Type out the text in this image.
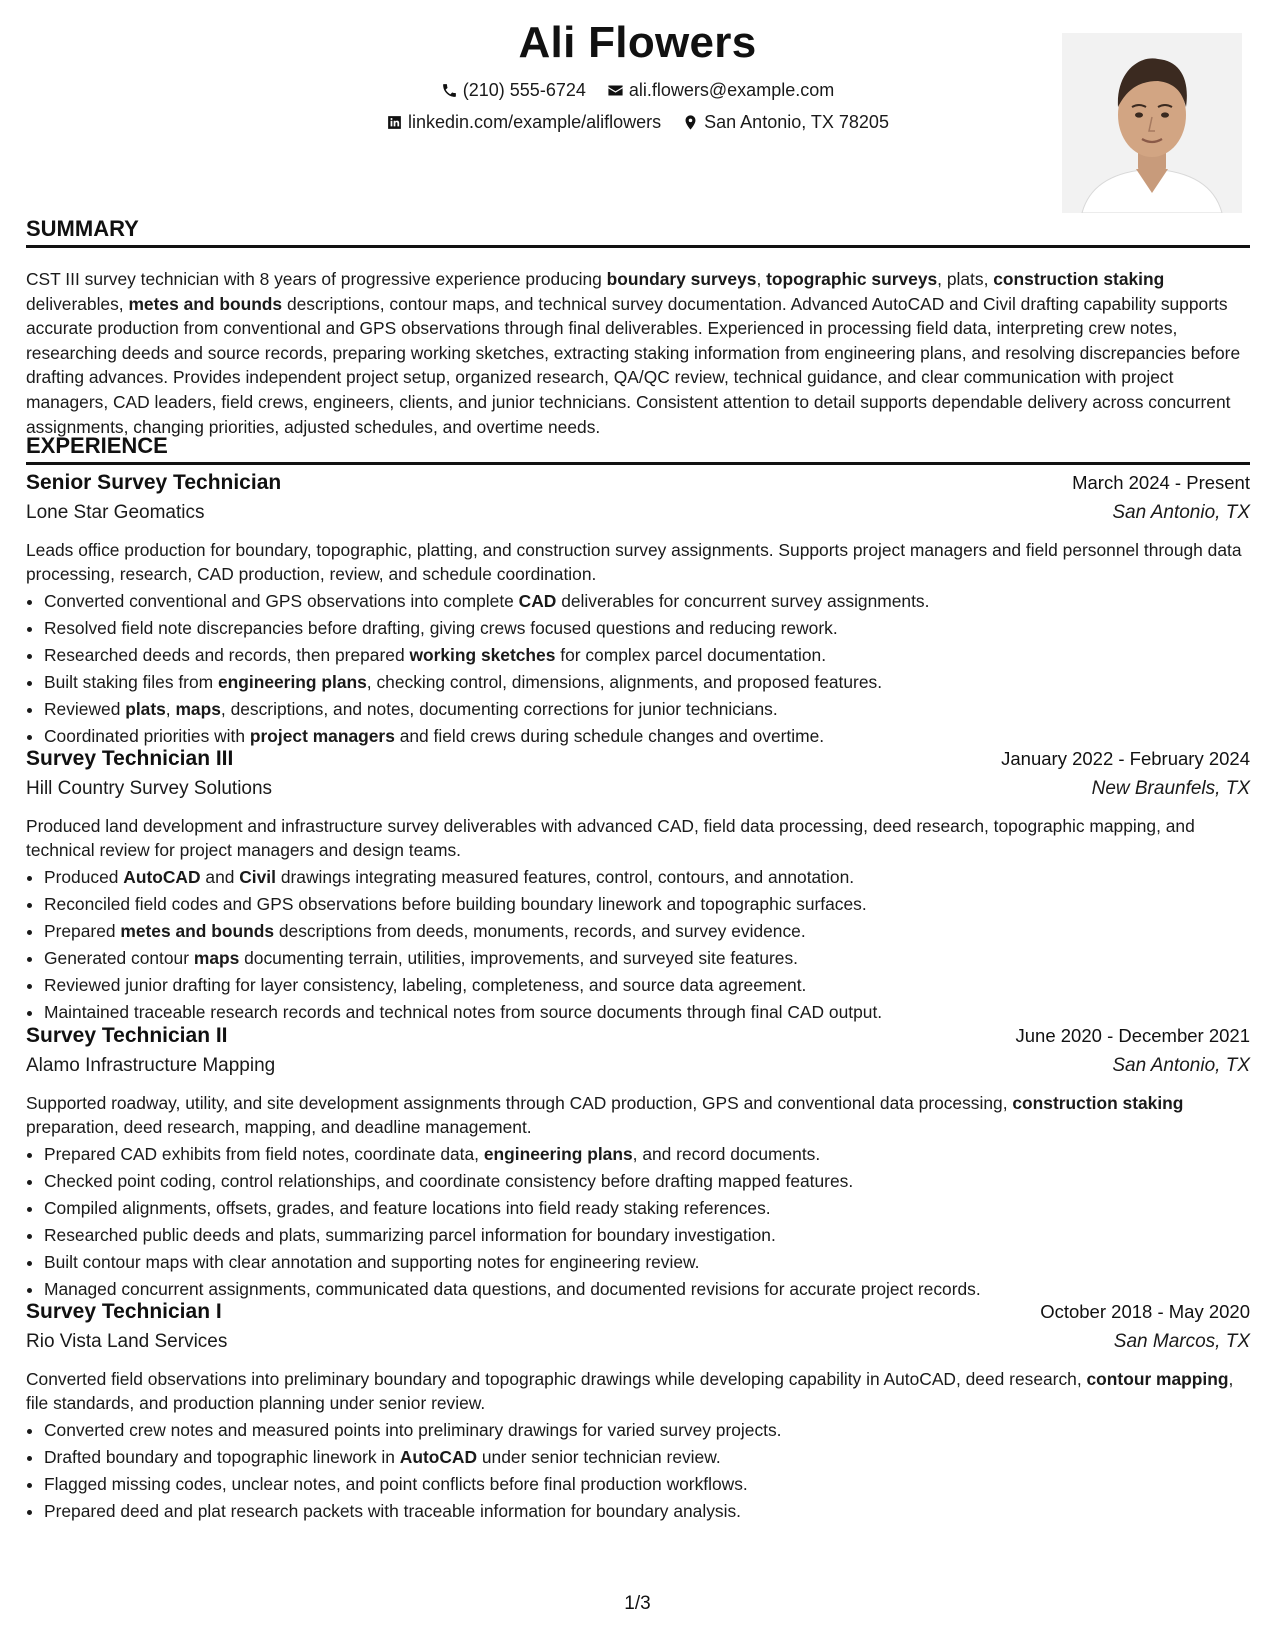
Ali Flowers
(210) 555-6724
ali.flowers@example.com
linkedin.com/example/aliflowers
San Antonio, TX 78205
SUMMARY
CST III survey technician with 8 years of progressive experience producing boundary surveys, topographic surveys, plats, construction staking deliverables, metes and bounds descriptions, contour maps, and technical survey documentation. Advanced AutoCAD and Civil drafting capability supports accurate production from conventional and GPS observations through final deliverables. Experienced in processing field data, interpreting crew notes, researching deeds and source records, preparing working sketches, extracting staking information from engineering plans, and resolving discrepancies before drafting advances. Provides independent project setup, organized research, QA/QC review, technical guidance, and clear communication with project managers, CAD leaders, field crews, engineers, clients, and junior technicians. Consistent attention to detail supports dependable delivery across concurrent assignments, changing priorities, adjusted schedules, and overtime needs.
EXPERIENCE
Senior Survey Technician	March 2024 - Present
Lone Star Geomatics	San Antonio, TX
Leads office production for boundary, topographic, platting, and construction survey assignments. Supports project managers and field personnel through data processing, research, CAD production, review, and schedule coordination.
• Converted conventional and GPS observations into complete CAD deliverables for concurrent survey assignments.
• Resolved field note discrepancies before drafting, giving crews focused questions and reducing rework.
• Researched deeds and records, then prepared working sketches for complex parcel documentation.
• Built staking files from engineering plans, checking control, dimensions, alignments, and proposed features.
• Reviewed plats, maps, descriptions, and notes, documenting corrections for junior technicians.
• Coordinated priorities with project managers and field crews during schedule changes and overtime.
Survey Technician III	January 2022 - February 2024
Hill Country Survey Solutions	New Braunfels, TX
Produced land development and infrastructure survey deliverables with advanced CAD, field data processing, deed research, topographic mapping, and technical review for project managers and design teams.
• Produced AutoCAD and Civil drawings integrating measured features, control, contours, and annotation.
• Reconciled field codes and GPS observations before building boundary linework and topographic surfaces.
• Prepared metes and bounds descriptions from deeds, monuments, records, and survey evidence.
• Generated contour maps documenting terrain, utilities, improvements, and surveyed site features.
• Reviewed junior drafting for layer consistency, labeling, completeness, and source data agreement.
• Maintained traceable research records and technical notes from source documents through final CAD output.
Survey Technician II	June 2020 - December 2021
Alamo Infrastructure Mapping	San Antonio, TX
Supported roadway, utility, and site development assignments through CAD production, GPS and conventional data processing, construction staking preparation, deed research, mapping, and deadline management.
• Prepared CAD exhibits from field notes, coordinate data, engineering plans, and record documents.
• Checked point coding, control relationships, and coordinate consistency before drafting mapped features.
• Compiled alignments, offsets, grades, and feature locations into field ready staking references.
• Researched public deeds and plats, summarizing parcel information for boundary investigation.
• Built contour maps with clear annotation and supporting notes for engineering review.
• Managed concurrent assignments, communicated data questions, and documented revisions for accurate project records.
Survey Technician I	October 2018 - May 2020
Rio Vista Land Services	San Marcos, TX
Converted field observations into preliminary boundary and topographic drawings while developing capability in AutoCAD, deed research, contour mapping, file standards, and production planning under senior review.
• Converted crew notes and measured points into preliminary drawings for varied survey projects.
• Drafted boundary and topographic linework in AutoCAD under senior technician review.
• Flagged missing codes, unclear notes, and point conflicts before final production workflows.
• Prepared deed and plat research packets with traceable information for boundary analysis.
1/3
